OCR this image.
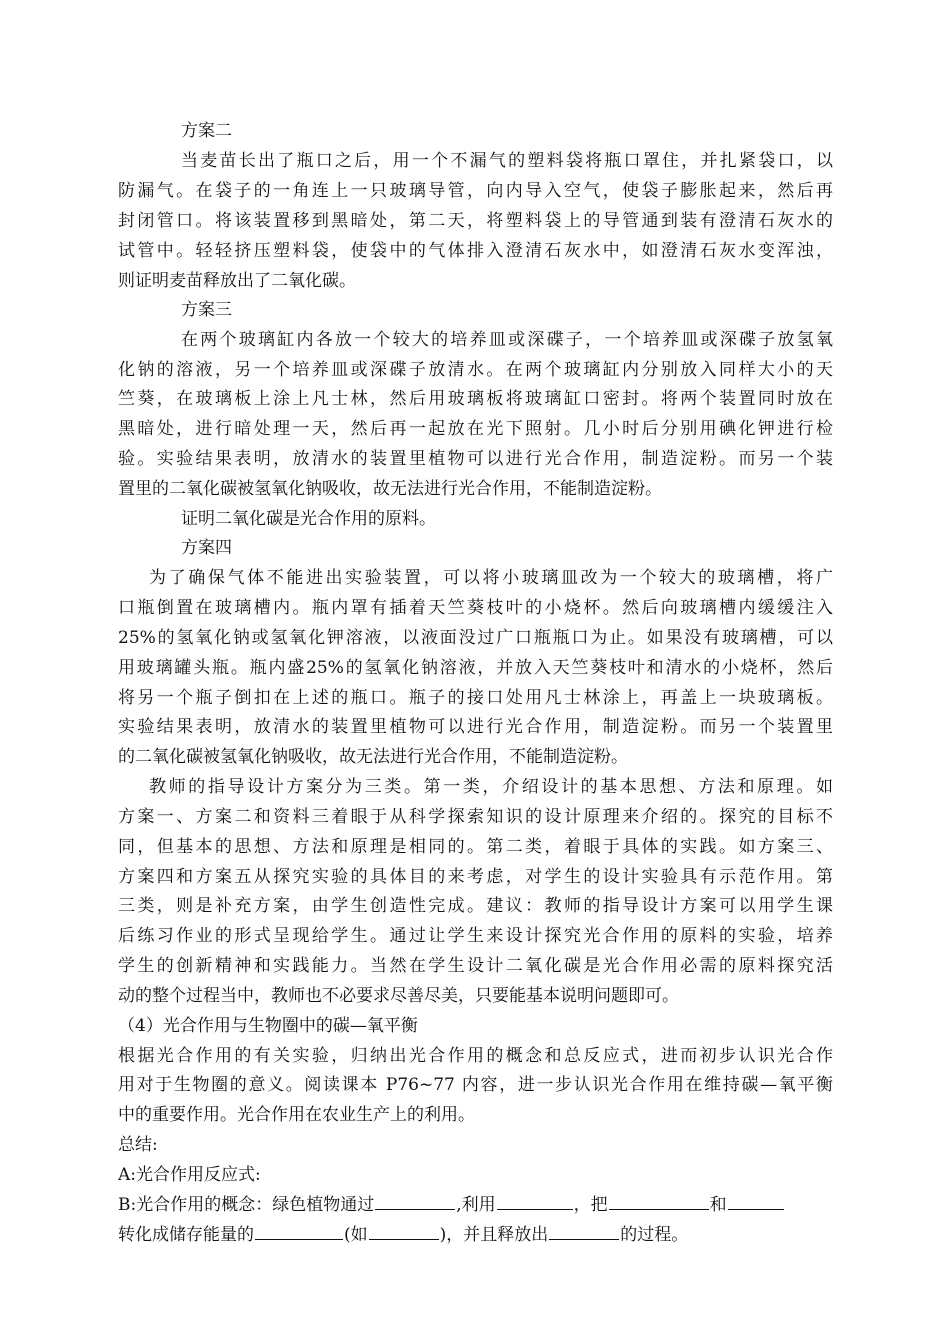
方案二
当麦苗长出了瓶口之后，用一个不漏气的塑料袋将瓶口罩住，并扎紧袋口，以
防漏气。在袋子的一角连上一只玻璃导管，向内导入空气，使袋子膨胀起来，然后再
封闭管口。将该装置移到黑暗处，第二天，将塑料袋上的导管通到装有澄清石灰水的
试管中。轻轻挤压塑料袋，使袋中的气体排入澄清石灰水中，如澄清石灰水变浑浊，
则证明麦苗释放出了二氧化碳。
方案三
在两个玻璃缸内各放一个较大的培养皿或深碟子，一个培养皿或深碟子放氢氧
化钠的溶液，另一个培养皿或深碟子放清水。在两个玻璃缸内分别放入同样大小的天
竺葵，在玻璃板上涂上凡士林，然后用玻璃板将玻璃缸口密封。将两个装置同时放在
黑暗处，进行暗处理一天，然后再一起放在光下照射。几小时后分别用碘化钾进行检
验。实验结果表明，放清水的装置里植物可以进行光合作用，制造淀粉。而另一个装
置里的二氧化碳被氢氧化钠吸收，故无法进行光合作用，不能制造淀粉。
证明二氧化碳是光合作用的原料。
方案四
为了确保气体不能进出实验装置，可以将小玻璃皿改为一个较大的玻璃槽，将广
口瓶倒置在玻璃槽内。瓶内罩有插着天竺葵枝叶的小烧杯。然后向玻璃槽内缓缓注入
25%的氢氧化钠或氢氧化钾溶液，以液面没过广口瓶瓶口为止。如果没有玻璃槽，可以
用玻璃罐头瓶。瓶内盛25%的氢氧化钠溶液，并放入天竺葵枝叶和清水的小烧杯，然后
将另一个瓶子倒扣在上述的瓶口。瓶子的接口处用凡士林涂上，再盖上一块玻璃板。
实验结果表明，放清水的装置里植物可以进行光合作用，制造淀粉。而另一个装置里
的二氧化碳被氢氧化钠吸收，故无法进行光合作用，不能制造淀粉。
教师的指导设计方案分为三类。第一类，介绍设计的基本思想、方法和原理。如
方案一、方案二和资料三着眼于从科学探索知识的设计原理来介绍的。探究的目标不
同，但基本的思想、方法和原理是相同的。第二类，着眼于具体的实践。如方案三、
方案四和方案五从探究实验的具体目的来考虑，对学生的设计实验具有示范作用。第
三类，则是补充方案，由学生创造性完成。建议：教师的指导设计方案可以用学生课
后练习作业的形式呈现给学生。通过让学生来设计探究光合作用的原料的实验，培养
学生的创新精神和实践能力。当然在学生设计二氧化碳是光合作用必需的原料探究活
动的整个过程当中，教师也不必要求尽善尽美，只要能基本说明问题即可。
（4）光合作用与生物圈中的碳—氧平衡
根据光合作用的有关实验，归纳出光合作用的概念和总反应式，进而初步认识光合作
用对于生物圈的意义。阅读课本 P76~77 内容，进一步认识光合作用在维持碳—氧平衡
中的重要作用。光合作用在农业生产上的利用。
总结:
A:光合作用反应式:
B:光合作用的概念：绿色植物通过	,利用	，把	和
转化成储存能量的	(如	)，并且释放出	的过程。
